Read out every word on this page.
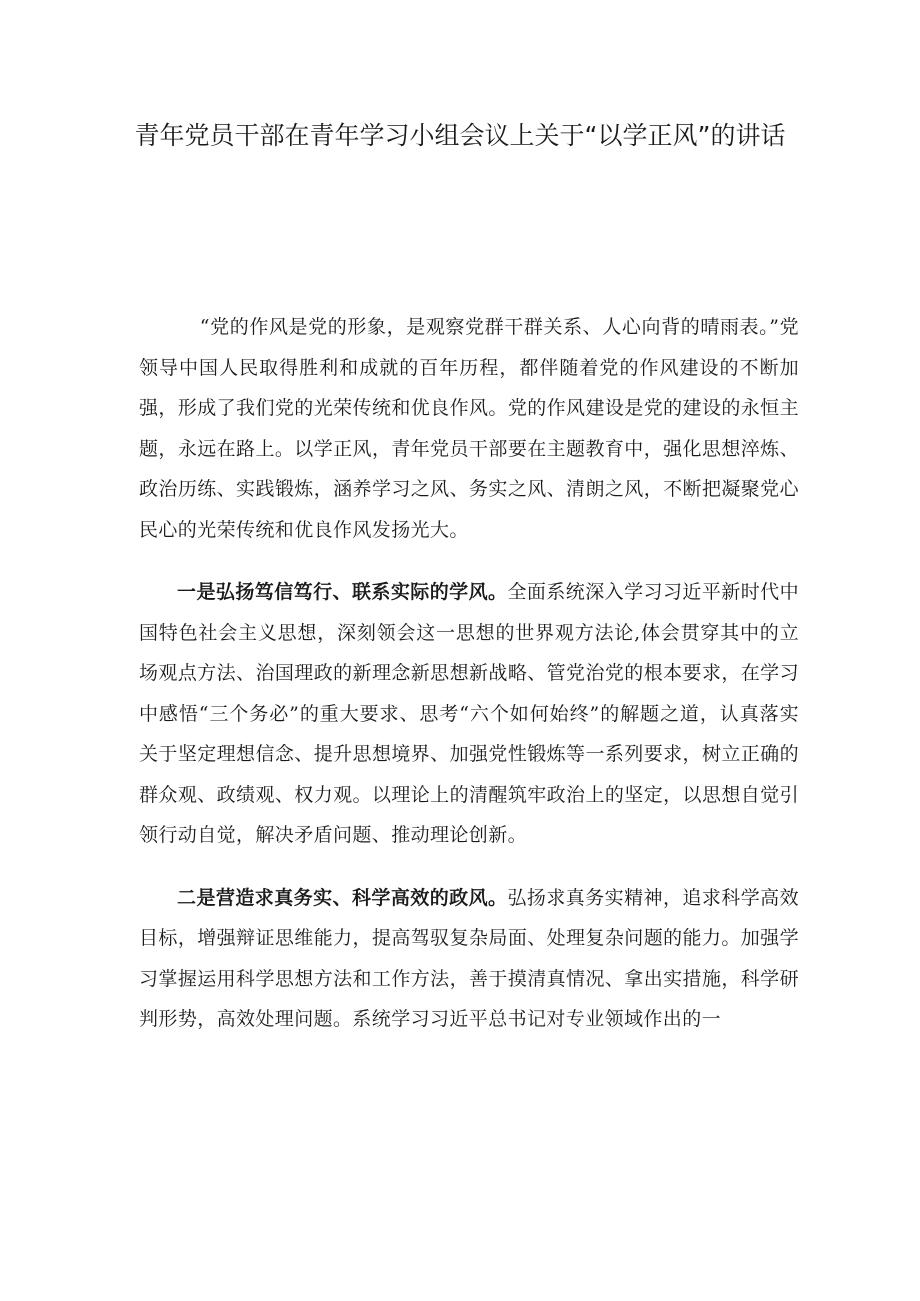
青年党员干部在青年学习小组会议上关于“以学正风”的讲话

“党的作风是党的形象，是观察党群干群关系、人心向背的晴雨表。”党领导中国人民取得胜利和成就的百年历程，都伴随着党的作风建设的不断加强，形成了我们党的光荣传统和优良作风。党的作风建设是党的建设的永恒主题，永远在路上。以学正风，青年党员干部要在主题教育中，强化思想淬炼、政治历练、实践锻炼，涵养学习之风、务实之风、清朗之风，不断把凝聚党心民心的光荣传统和优良作风发扬光大。

一是弘扬笃信笃行、联系实际的学风。全面系统深入学习习近平新时代中国特色社会主义思想，深刻领会这一思想的世界观方法论,体会贯穿其中的立场观点方法、治国理政的新理念新思想新战略、管党治党的根本要求，在学习中感悟“三个务必”的重大要求、思考“六个如何始终”的解题之道，认真落实关于坚定理想信念、提升思想境界、加强党性锻炼等一系列要求，树立正确的群众观、政绩观、权力观。以理论上的清醒筑牢政治上的坚定，以思想自觉引领行动自觉，解决矛盾问题、推动理论创新。

二是营造求真务实、科学高效的政风。弘扬求真务实精神，追求科学高效目标，增强辩证思维能力，提高驾驭复杂局面、处理复杂问题的能力。加强学习掌握运用科学思想方法和工作方法，善于摸清真情况、拿出实措施，科学研判形势，高效处理问题。系统学习习近平总书记对专业领域作出的一
